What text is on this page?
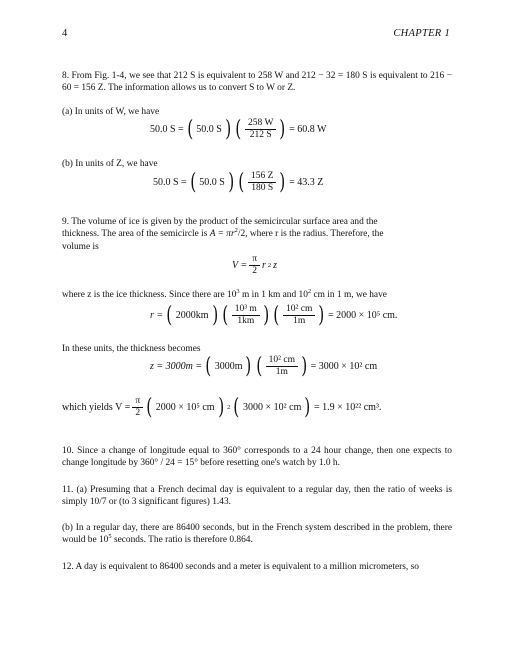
4	CHAPTER 1
8. From Fig. 1-4, we see that 212 S is equivalent to 258 W and 212 − 32 = 180 S is equivalent to 216 − 60 = 156 Z. The information allows us to convert S to W or Z.
(a) In units of W, we have
50.0 S = ( 50.0 S ) ( $\frac{258 W}{212 S}$ ) = 60.8 W
(b) In units of Z, we have
50.0 S = ( 50.0 S ) ( $\frac{156 Z}{180 S}$ ) = 43.3 Z
9. The volume of ice is given by the product of the semicircular surface area and the
thickness. The area of the semicircle is $A = \pi r^2/2$, where r is the radius. Therefore, the
volume is
$V = \frac{\pi}{2}$ r 2 z
where z is the ice thickness. Since there are $10^3$ m in 1 km and $10^2$ cm in 1 m, we have
r = ( 2000km ) ( $\frac{\text{10³ m}}{1km}$ ) ( $\frac{\text{10² cm}}{1m}$ ) = 2000 × 10⁵ cm.
In these units, the thickness becomes
z = 3000m = ( 3000m ) ( $\frac{\text{10² cm}}{1m}$ ) = 3000 × 10² cm
which yields $V = \frac{\pi}{2}$ ( 2000 × 10⁵ cm ) 2 ( 3000 × 10² cm ) = 1.9 × 10²² cm³.
10. Since a change of longitude equal to 360° corresponds to a 24 hour change, then one expects to change longitude by 360° / 24 = 15° before resetting one's watch by 1.0 h.
11. (a) Presuming that a French decimal day is equivalent to a regular day, then the ratio of weeks is simply 10/7 or (to 3 significant figures) 1.43.
(b) In a regular day, there are 86400 seconds, but in the French system described in the problem, there would be $10^5$ seconds. The ratio is therefore 0.864.
12. A day is equivalent to 86400 seconds and a meter is equivalent to a million micrometers, so
